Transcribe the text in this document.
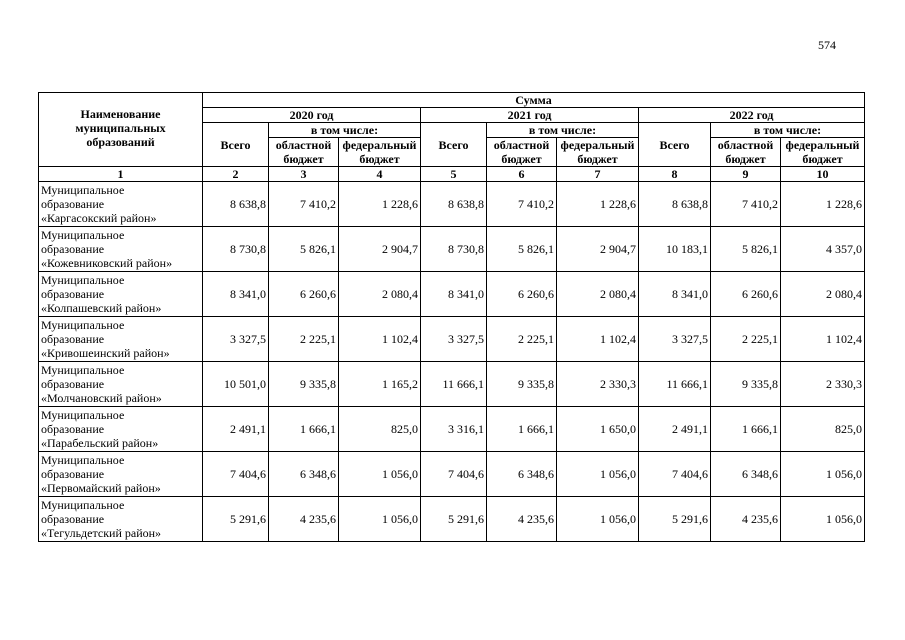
574
Наименование муниципальных образований	Сумма								
	2020 год			2021 год			2022 год		
	Всего	в том числе:		Всего	в том числе:		Всего	в том числе:	
		областной бюджет	федеральный бюджет		областной бюджет	федеральный бюджет		областной бюджет	федеральный бюджет
1	2	3	4	5	6	7	8	9	10

Муниципальное
образование
«Каргасокский район»	8 638,8	7 410,2	1 228,6	8 638,8	7 410,2	1 228,6	8 638,8	7 410,2	1 228,6

Муниципальное
образование
«Кожевниковский район»	8 730,8	5 826,1	2 904,7	8 730,8	5 826,1	2 904,7	10 183,1	5 826,1	4 357,0

Муниципальное
образование
«Колпашевский район»	8 341,0	6 260,6	2 080,4	8 341,0	6 260,6	2 080,4	8 341,0	6 260,6	2 080,4

Муниципальное
образование
«Кривошеинский район»	3 327,5	2 225,1	1 102,4	3 327,5	2 225,1	1 102,4	3 327,5	2 225,1	1 102,4

Муниципальное
образование
«Молчановский район»	10 501,0	9 335,8	1 165,2	11 666,1	9 335,8	2 330,3	11 666,1	9 335,8	2 330,3

Муниципальное
образование
«Парабельский район»	2 491,1	1 666,1	825,0	3 316,1	1 666,1	1 650,0	2 491,1	1 666,1	825,0

Муниципальное
образование
«Первомайский район»	7 404,6	6 348,6	1 056,0	7 404,6	6 348,6	1 056,0	7 404,6	6 348,6	1 056,0

Муниципальное
образование
«Тегульдетский район»	5 291,6	4 235,6	1 056,0	5 291,6	4 235,6	1 056,0	5 291,6	4 235,6	1 056,0
